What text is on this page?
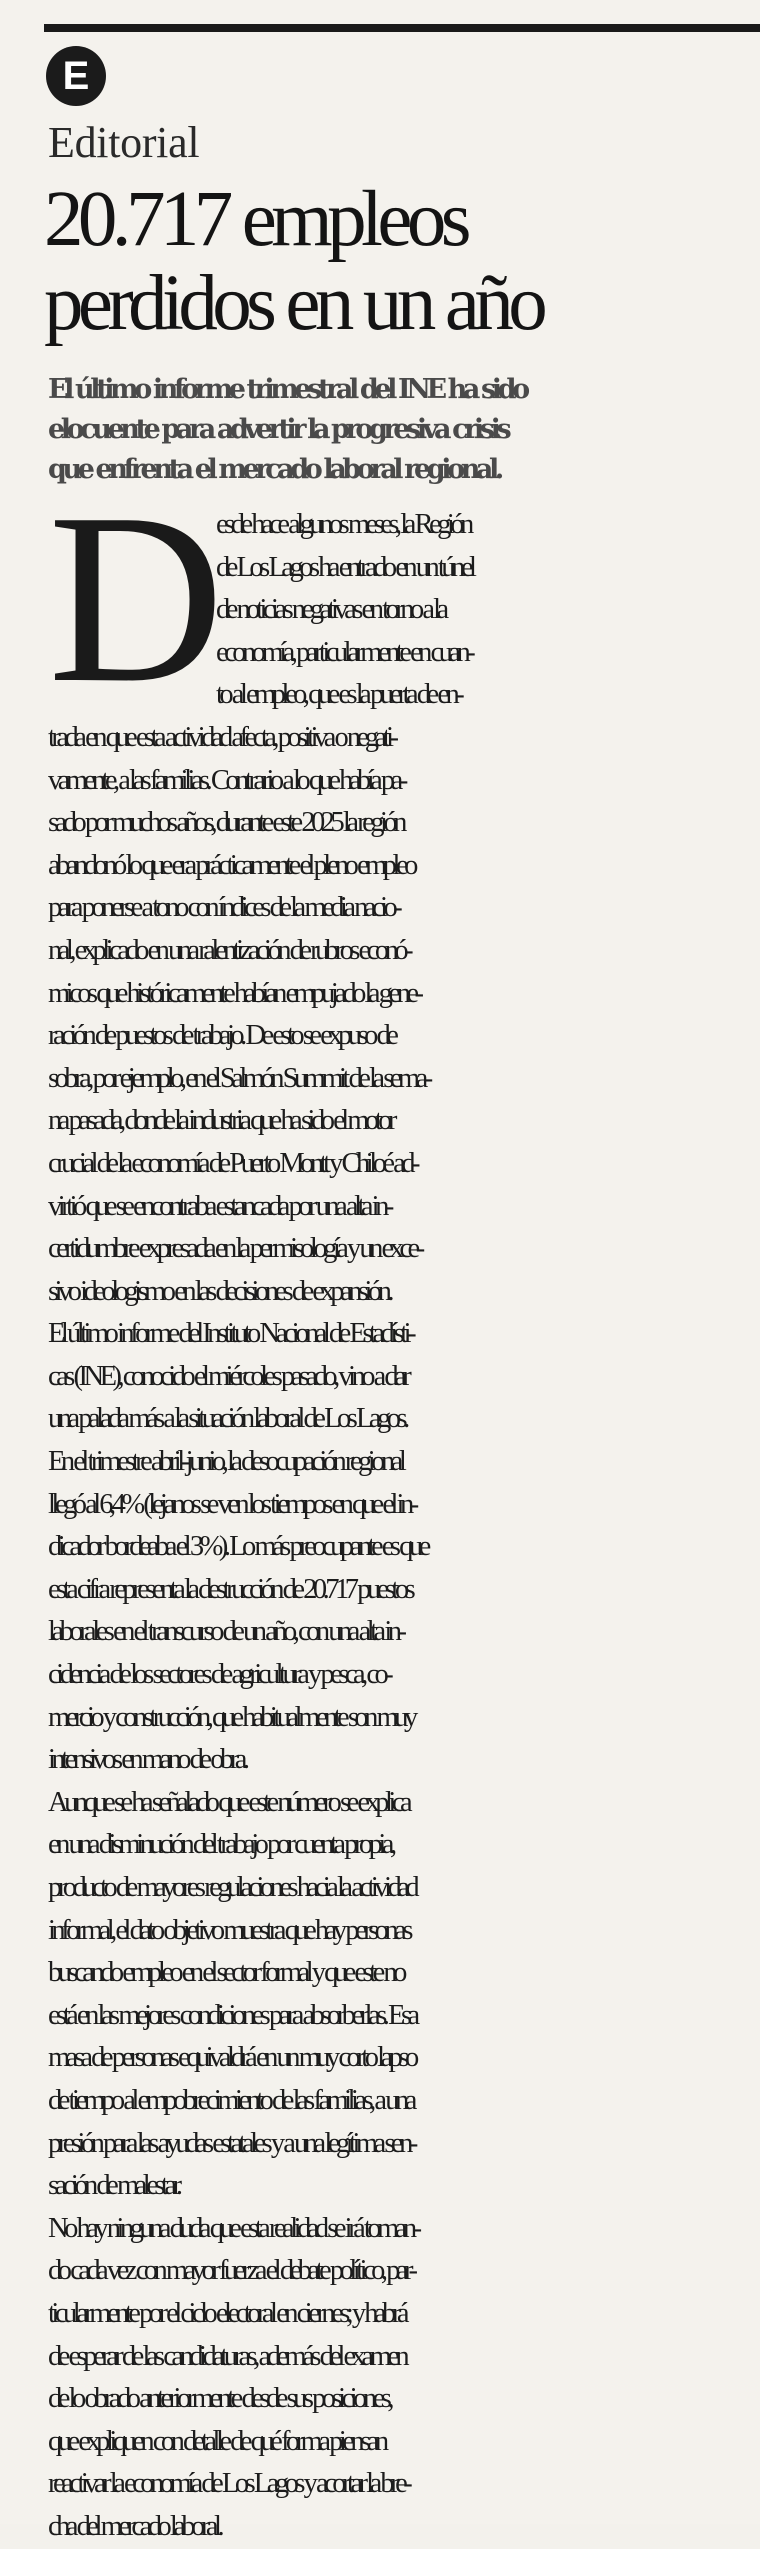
E
Editorial
20.717 empleos
perdidos en un año

El último informe trimestral del INE ha sido
elocuente para advertir la progresiva crisis
que enfrenta el mercado laboral regional.

D
esde hace algunos meses, la Región
de Los Lagos ha entrado en un túnel
de noticias negativas en torno a la
economía, particularmente en cuan-
to al empleo, que es la puerta de en-
trada en que esta actividad afecta, positiva o negati-
vamente, a las familias. Contrario a lo que había pa-
sado por muchos años, durante este 2025 la región
abandonó lo que era prácticamente el pleno empleo
para ponerse a tono con índices de la media nacio-
nal, explicado en una ralentización de rubros econó-
micos que históricamente habían empujado la gene-
ración de puestos de trabajo. De esto se expuso de
sobra, por ejemplo, en el Salmón Summit de la sema-
na pasada, donde la industria que ha sido el motor
crucial de la economía de Puerto Montt y Chiloé ad-
virtió que se encontraba estancada por una alta in-
certidumbre expresada en la permisología y un exce-
sivo ideologismo en las decisiones de expansión.
El último informe del Instituto Nacional de Estadísti-
cas (INE), conocido el miércoles pasado, vino a dar
una palada más a la situación laboral de Los Lagos.
En el trimestre abril-junio, la desocupación regional
llegó al 6,4% (lejanos se ven los tiempos en que el in-
dicador bordeaba el 3%). Lo más preocupante es que
esta cifra representa la destrucción de 20.717 puestos
laborales en el transcurso de un año, con una alta in-
cidencia de los sectores de agricultura y pesca, co-
mercio y construcción, que habitualmente son muy
intensivos en mano de obra.
Aunque se ha señalado que este número se explica
en una disminución del trabajo por cuenta propia,
producto de mayores regulaciones hacia la actividad
informal, el dato objetivo muestra que hay personas
buscando empleo en el sector formal y que este no
está en las mejores condiciones para absorberlas. Esa
masa de personas equivaldrá en un muy corto lapso
de tiempo al empobrecimiento de las familias, a una
presión para las ayudas estatales y a una legítima sen-
sación de malestar.
No hay ninguna duda que esta realidad se irá toman-
do cada vez con mayor fuerza el debate político, par-
ticularmente por el ciclo electoral en ciernes; y habrá
de esperar de las candidaturas, además del examen
de lo obrado anteriormente desde sus posiciones,
que expliquen con detalle de qué forma piensan
reactivar la economía de Los Lagos y acortar la bre-
cha del mercado laboral.
